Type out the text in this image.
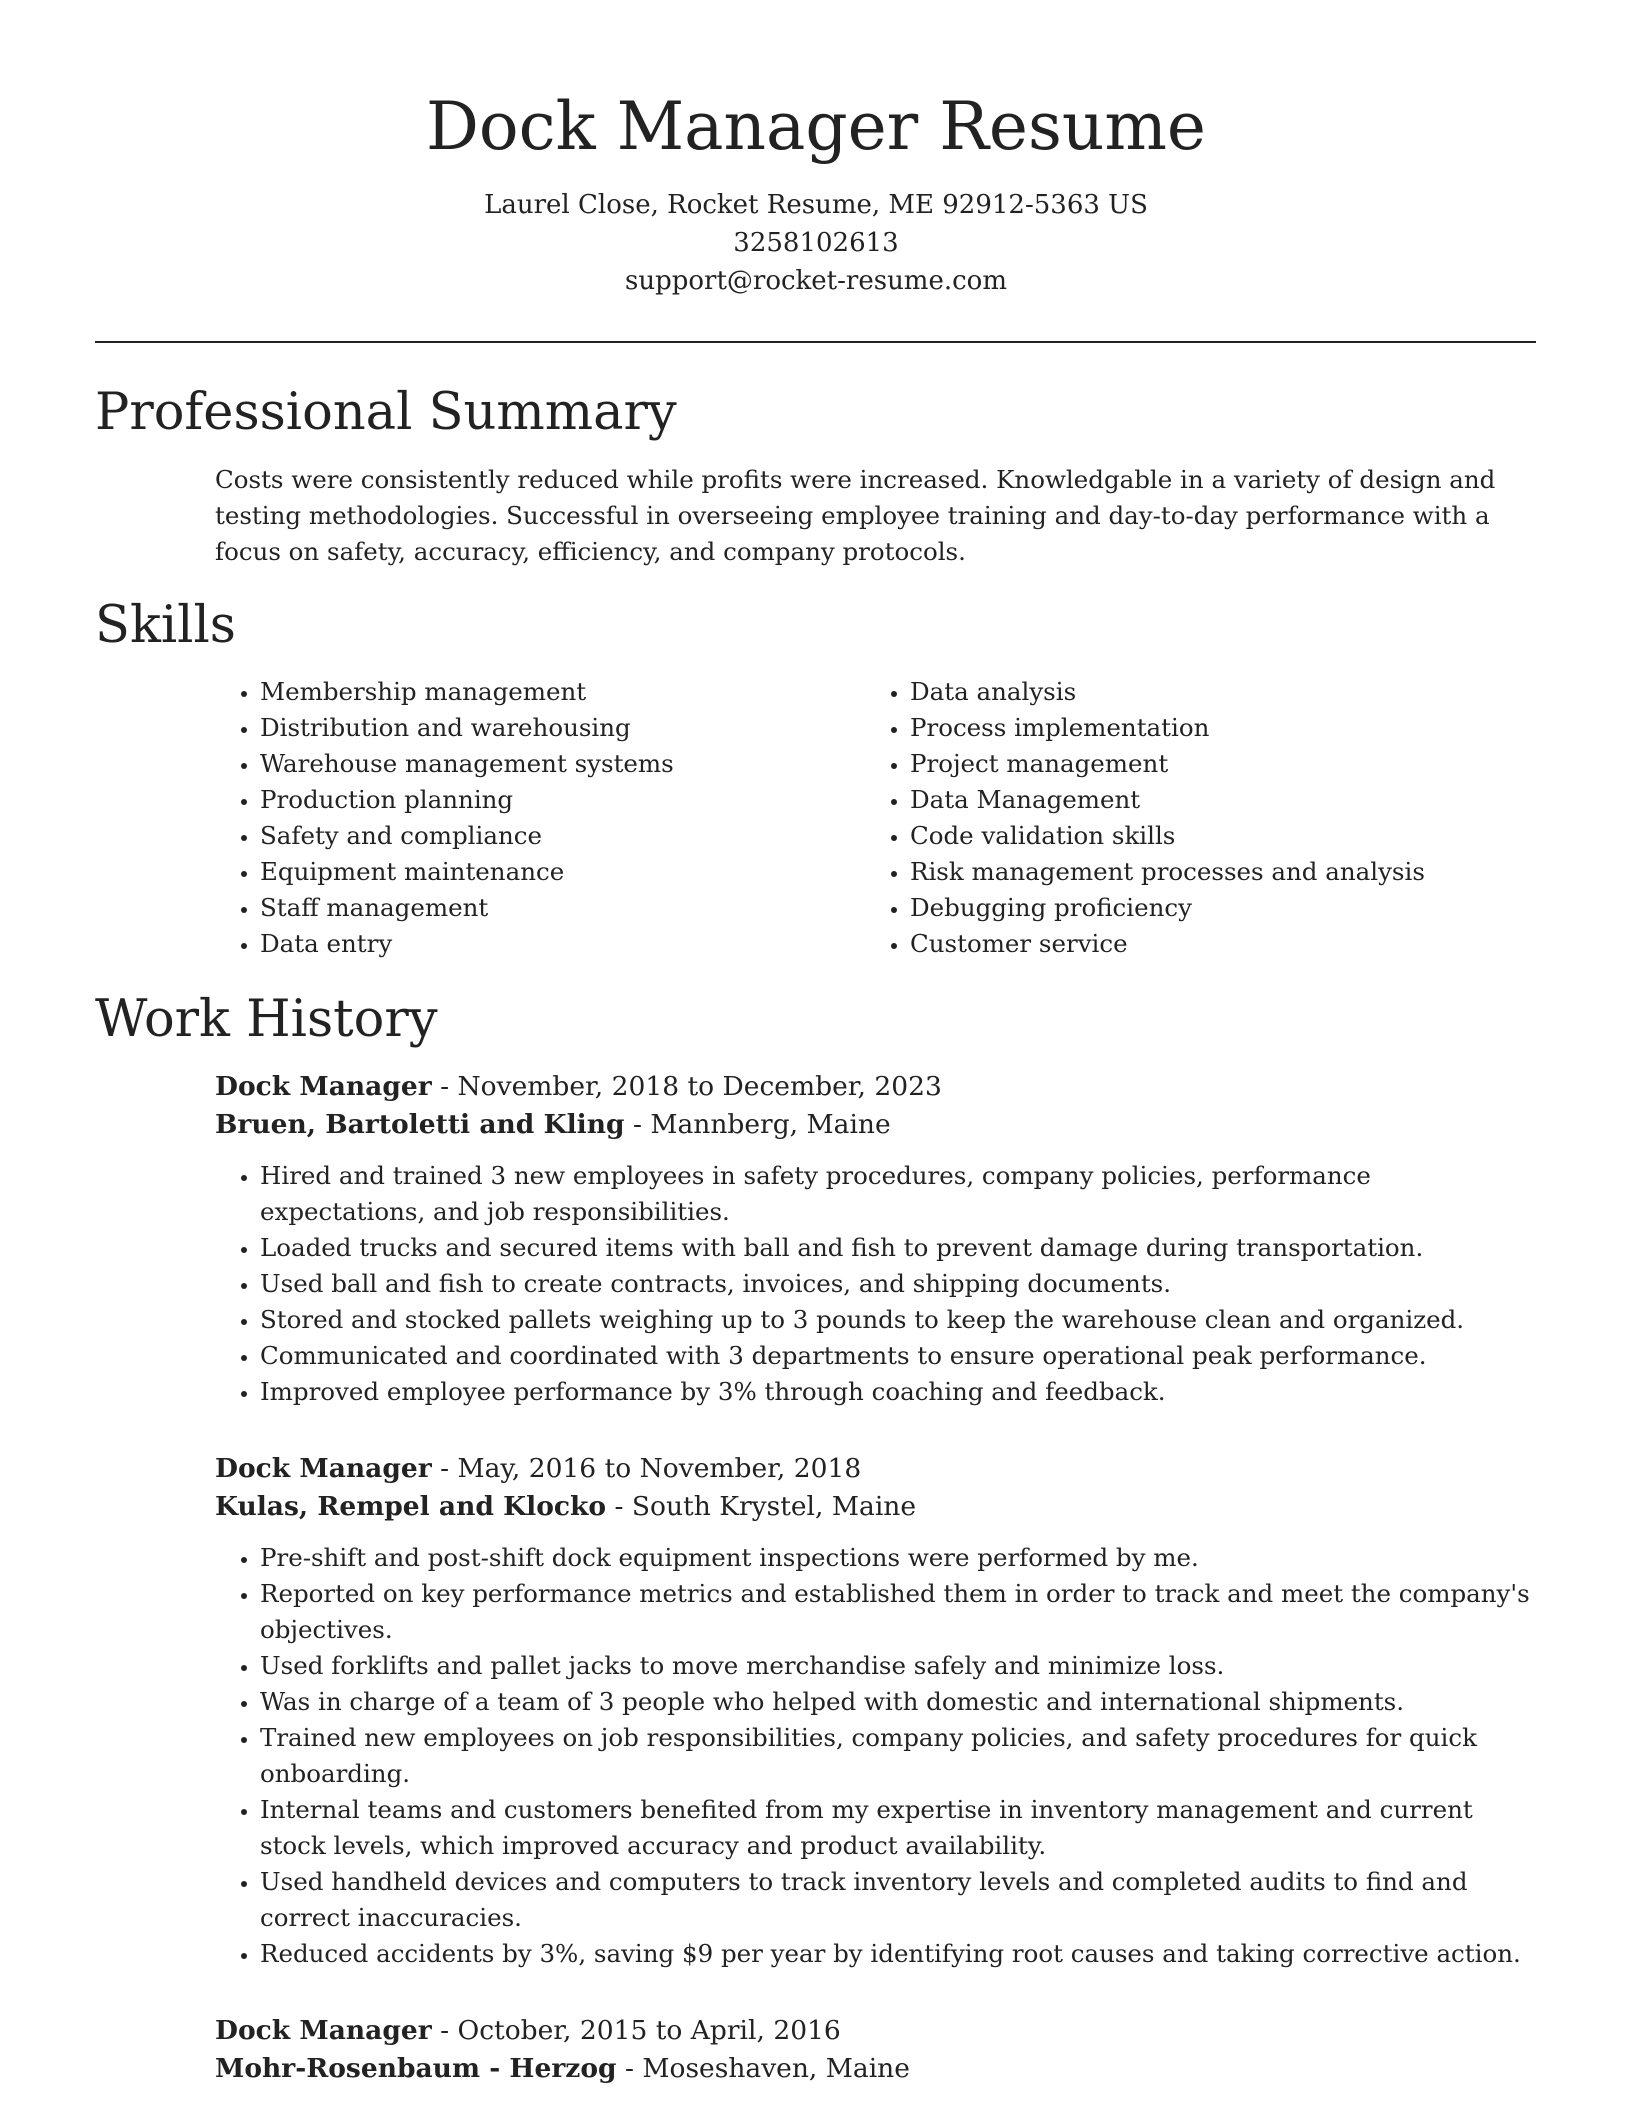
Dock Manager Resume
Laurel Close, Rocket Resume, ME 92912-5363 US
3258102613
support@rocket-resume.com
Professional Summary

Costs were consistently reduced while profits were increased. Knowledgable in a variety of design and testing methodologies. Successful in overseeing employee training and day-to-day performance with a focus on safety, accuracy, efficiency, and company protocols.

Skills
• Membership management
• Distribution and warehousing
• Warehouse management systems
• Production planning
• Safety and compliance
• Equipment maintenance
• Staff management
• Data entry
• Data analysis
• Process implementation
• Project management
• Data Management
• Code validation skills
• Risk management processes and analysis
• Debugging proficiency
• Customer service
Work History
Dock Manager - November, 2018 to December, 2023
Bruen, Bartoletti and Kling - Mannberg, Maine
• Hired and trained 3 new employees in safety procedures, company policies, performance expectations, and job responsibilities.
• Loaded trucks and secured items with ball and fish to prevent damage during transportation.
• Used ball and fish to create contracts, invoices, and shipping documents.
• Stored and stocked pallets weighing up to 3 pounds to keep the warehouse clean and organized.
• Communicated and coordinated with 3 departments to ensure operational peak performance.
• Improved employee performance by 3% through coaching and feedback.
Dock Manager - May, 2016 to November, 2018
Kulas, Rempel and Klocko - South Krystel, Maine
• Pre-shift and post-shift dock equipment inspections were performed by me.
• Reported on key performance metrics and established them in order to track and meet the company's objectives.
• Used forklifts and pallet jacks to move merchandise safely and minimize loss.
• Was in charge of a team of 3 people who helped with domestic and international shipments.
• Trained new employees on job responsibilities, company policies, and safety procedures for quick onboarding.
• Internal teams and customers benefited from my expertise in inventory management and current stock levels, which improved accuracy and product availability.
• Used handheld devices and computers to track inventory levels and completed audits to find and correct inaccuracies.
• Reduced accidents by 3%, saving $9 per year by identifying root causes and taking corrective action.
Dock Manager - October, 2015 to April, 2016
Mohr-Rosenbaum - Herzog - Moseshaven, Maine
